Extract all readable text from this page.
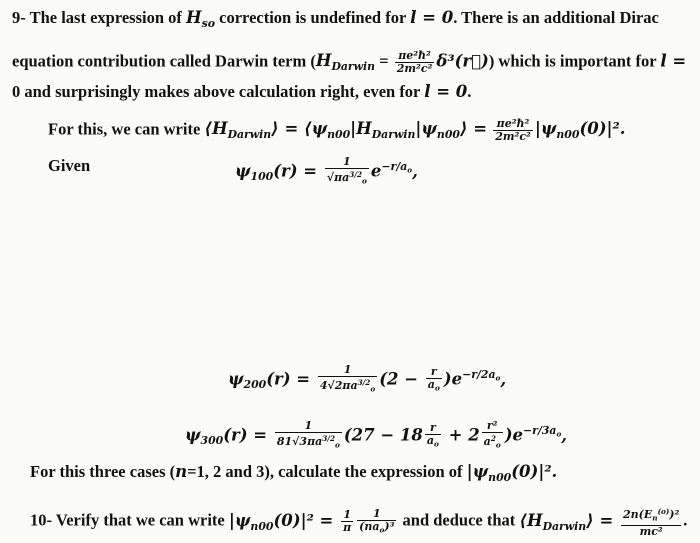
9- The last expression of $H_{so}$ correction is undefined for l = 0. There is an additional Dirac
equation contribution called Darwin term ($H_{Darwin} = \frac{\text{πe²ħ²}}{\text{2m²c²}}$ δ³(r⃗)) which is important for l =
0 and surprisingly makes above calculation right, even for l = 0.
For this, we can write $⟨H_{Darwin}⟩$ = $⟨\psi_{n00}|H_{Darwin}|\psi_{n00}⟩ = \frac{\text{πe²ħ²}}{\text{2m²c²}} |\psi_{n00}(0)|^2$.
Given	$\psi_{100}(r) = \frac{1}{√\pi a^{3/2}_o} e^{-r/a_o}$,
$\psi_{200}(r) = \frac{1}{4√2\pi a^{3/2}_o} (2 - \frac{r}{a_o} )e^{-r/2a_o}$,
$\psi_{300}(r) = \frac{1}{81√3\pi a^{3/2}_o} (27 - 18 \frac{r}{a_o} + 2 \frac{\text{r²}}{a^2_o} )e^{-r/3a_o}$,
For this three cases (n=1, 2 and 3), calculate the expression of $|\psi_{n00}(0)|^2$.
10- Verify that we can write $|\psi_{n00}(0)|^2 = \frac{1}{\pi} \frac{1}{(na_o)^3}$ and deduce that $⟨H_{Darwin}⟩ = \frac{2n(E_n^{(o)})^2}{\text{mc²}}$ .
